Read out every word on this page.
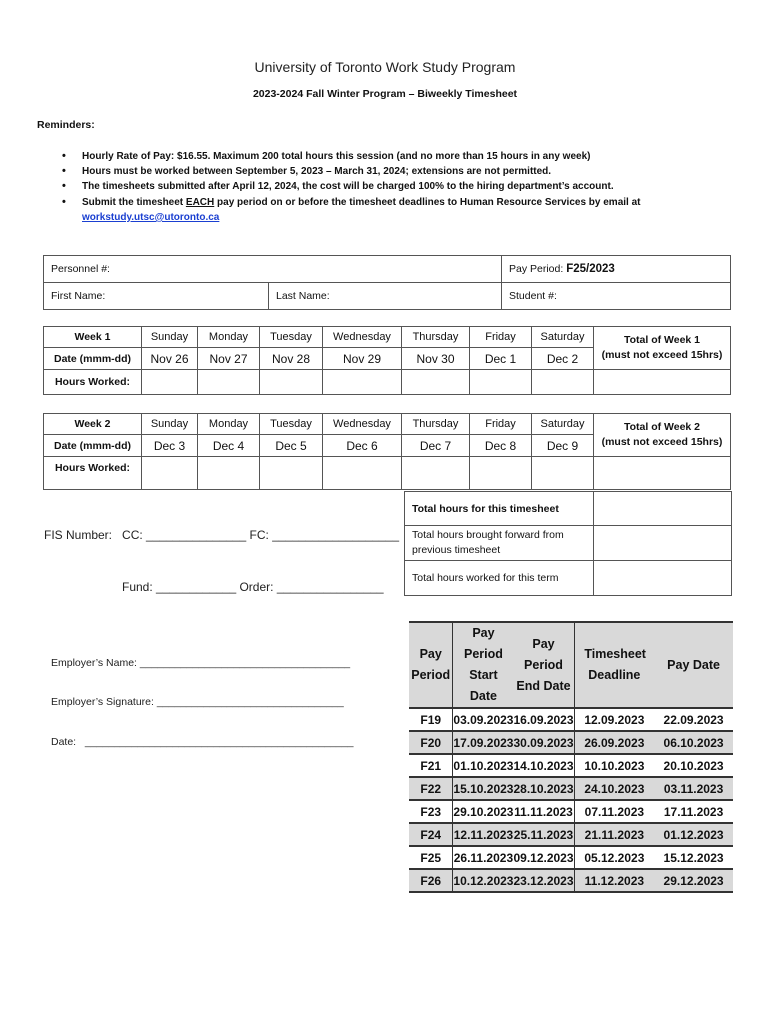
University of Toronto Work Study Program
2023-2024 Fall Winter Program – Biweekly Timesheet
Reminders:
• Hourly Rate of Pay: $16.55. Maximum 200 total hours this session (and no more than 15 hours in any week)
• Hours must be worked between September 5, 2023 – March 31, 2024; extensions are not permitted.
• The timesheets submitted after April 12, 2024, the cost will be charged 100% to the hiring department’s account.
• Submit the timesheet EACH pay period on or before the timesheet deadlines to Human Resource Services by email at
workstudy.utsc@utoronto.ca
Personnel #:		Pay Period: F25/2023
First Name:	Last Name:	Student #:
Week 1	Sunday	Monday	Tuesday	Wednesday	Thursday	Friday	Saturday	Total of Week 1
(must not exceed 15hrs)
Date (mmm-dd)	Nov 26	Nov 27	Nov 28	Nov 29	Nov 30	Dec 1	Dec 2	
Hours Worked:								
Week 2	Sunday	Monday	Tuesday	Wednesday	Thursday	Friday	Saturday	Total of Week 2
(must not exceed 15hrs)
Date (mmm-dd)	Dec 3	Dec 4	Dec 5	Dec 6	Dec 7	Dec 8	Dec 9	
Hours Worked:								
Total hours for this timesheet	
Total hours brought forward from previous timesheet	
Total hours worked for this term	
FIS Number: CC: _______________ FC: ___________________
Fund: ____________ Order: ________________
Employer’s Name: ____________________________________
Employer’s Signature: ________________________________
Date: ______________________________________________
Pay Period	Pay Period Start Date	Pay Period End Date	Timesheet Deadline	Pay Date
F19	03.09.2023	16.09.2023	12.09.2023	22.09.2023
F20	17.09.2023	30.09.2023	26.09.2023	06.10.2023
F21	01.10.2023	14.10.2023	10.10.2023	20.10.2023
F22	15.10.2023	28.10.2023	24.10.2023	03.11.2023
F23	29.10.2023	11.11.2023	07.11.2023	17.11.2023
F24	12.11.2023	25.11.2023	21.11.2023	01.12.2023
F25	26.11.2023	09.12.2023	05.12.2023	15.12.2023
F26	10.12.2023	23.12.2023	11.12.2023	29.12.2023
